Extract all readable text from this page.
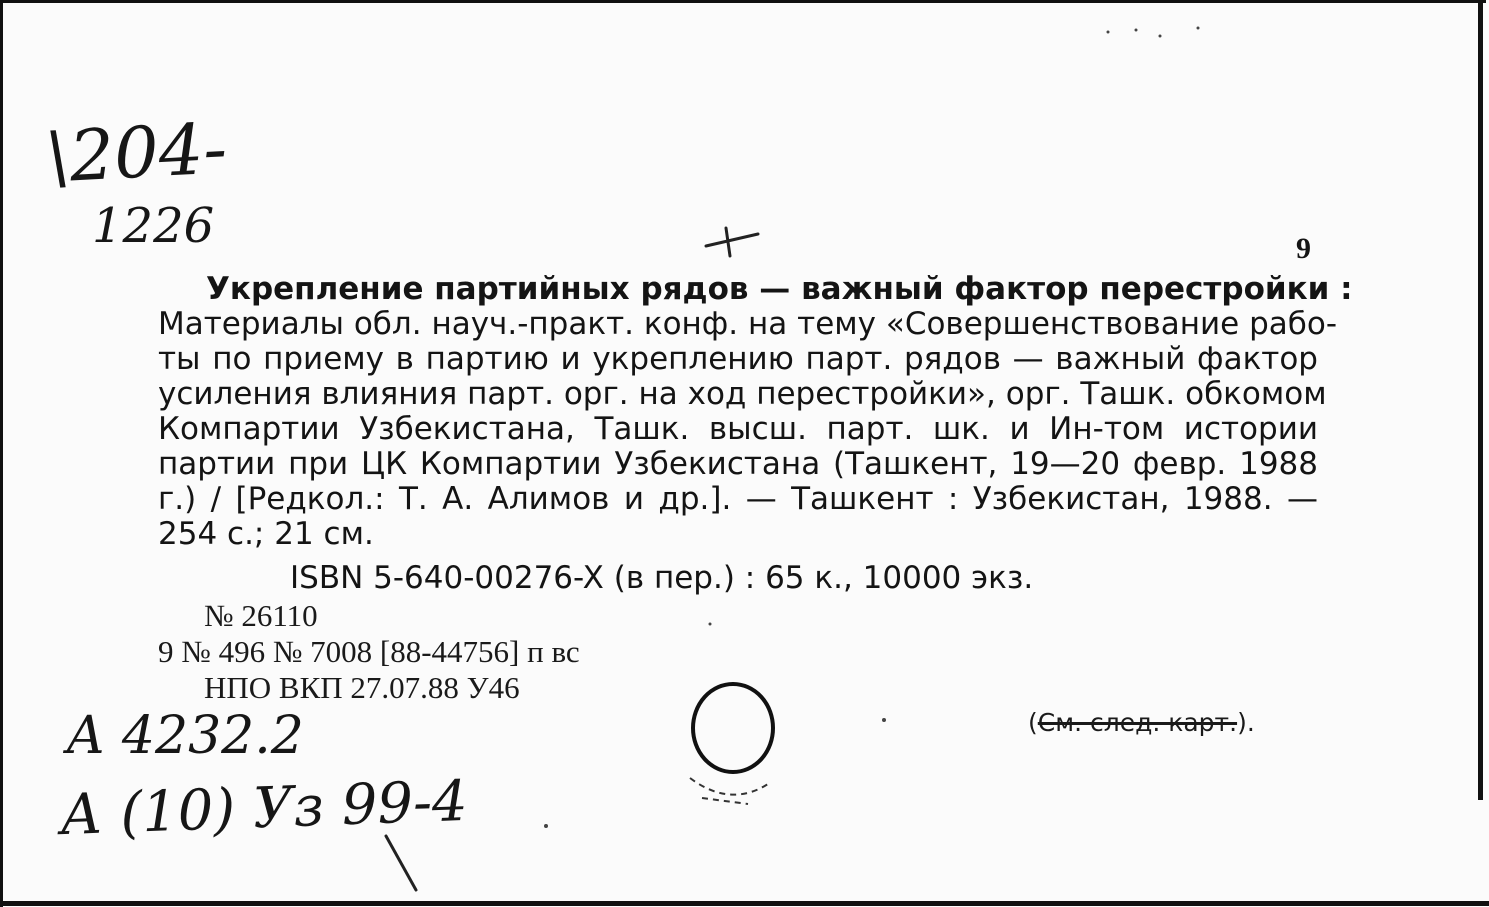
\204-
1226	9
Укрепление партийных рядов — важный фактор перестройки :
Материалы обл. науч.-практ. конф. на тему «Совершенствование рабо-
ты по приему в партию и укреплению парт. рядов — важный фактор
усиления влияния парт. орг. на ход перестройки», орг. Ташк. обкомом
Компартии Узбекистана, Ташк. высш. парт. шк. и Ин-том истории
партии при ЦК Компартии Узбекистана (Ташкент, 19—20 февр. 1988
г.) / [Редкол.: Т. А. Алимов и др.]. — Ташкент : Узбекистан, 1988. —
254 с.; 21 см.
ISBN 5-640-00276-X (в пер.) : 65 к., 10000 экз.
№ 26110
9 № 496 № 7008 [88-44756] п вс
НПО ВКП 27.07.88 У46
(См. след. карт.).
А 4232.2
А (10) Уз 99-4
